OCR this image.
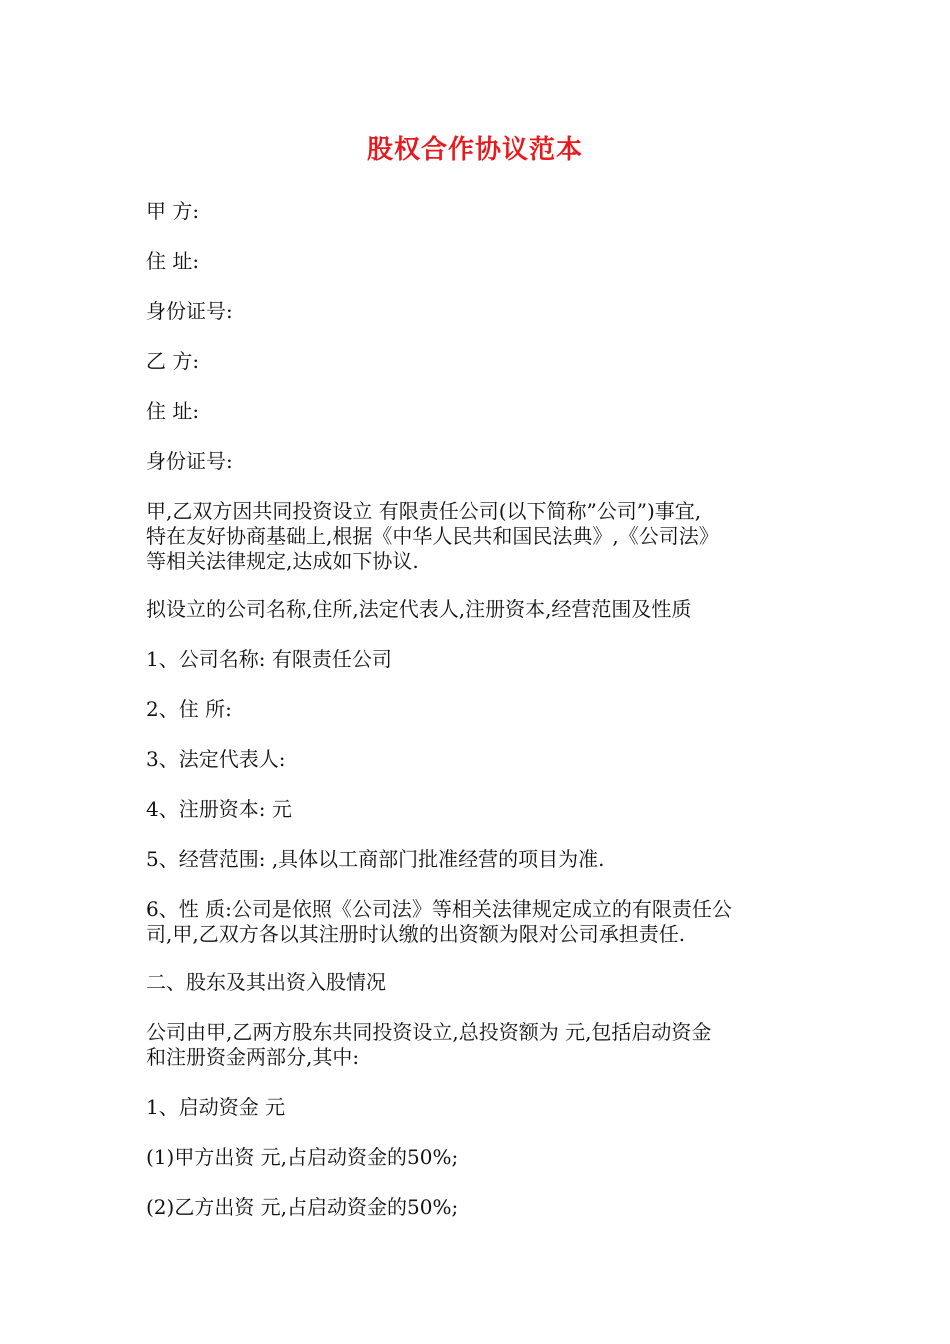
股权合作协议范本
甲 方:
住 址:
身份证号:
乙 方:
住 址:
身份证号:
甲,乙双方因共同投资设立 有限责任公司(以下简称”公司”)事宜,
特在友好协商基础上,根据《中华人民共和国民法典》,《公司法》
等相关法律规定,达成如下协议.
拟设立的公司名称,住所,法定代表人,注册资本,经营范围及性质
1、公司名称: 有限责任公司
2、住 所:
3、法定代表人:
4、注册资本: 元
5、经营范围: ,具体以工商部门批准经营的项目为准.
6、性 质:公司是依照《公司法》等相关法律规定成立的有限责任公
司,甲,乙双方各以其注册时认缴的出资额为限对公司承担责任.
二、股东及其出资入股情况
公司由甲,乙两方股东共同投资设立,总投资额为 元,包括启动资金
和注册资金两部分,其中:
1、启动资金 元
(1)甲方出资 元,占启动资金的50%;
(2)乙方出资 元,占启动资金的50%;
